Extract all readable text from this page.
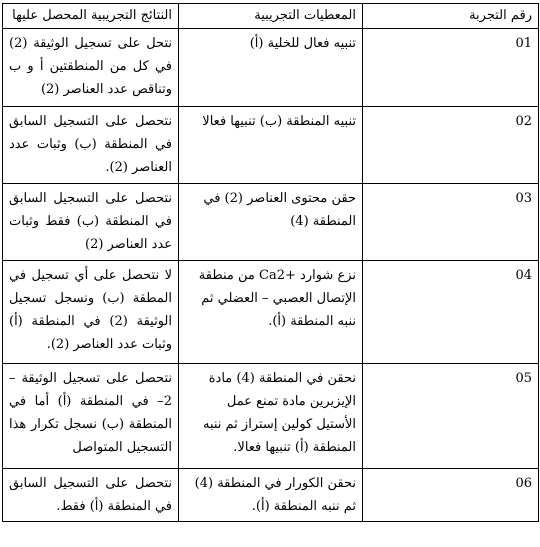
رقم التجربة	المعطيات التجريبية	النتائج التجريبية المحصل عليها
01	تنبيه فعال للخلية (أ)	نتحل على تسجيل الوثيقة (2) في كل من المنطقتين أ و ب وتناقص عدد العناصر (2)
02	تنبيه المنطقة (ب) تنبيها فعالا	نتحصل على التسجيل السابق في المنطقة (ب) وثبات عدد العناصر (2).
03	حقن محتوى العناصر (2) في المنطقة (4)	نتحصل على التسجيل السابق في المنطقة (ب) فقط وثبات عدد العناصر (2)
04	نزع شوارد +Ca2 من منطقة الإتصال العصبي – العضلي ثم ننبه المنطقة (أ).	لا نتحصل على أي تسجيل في المطقة (ب) ونسجل تسجيل الوثيقة (2) في المنطقة (أ) وثبات عدد العناصر (2).
05	نحقن في المنطقة (4) مادة الإيزيرين مادة تمنع عمل الأستيل كولين إستراز ثم ننبه المنطقة (أ) تنبيها فعالا.	نتحصل على تسجيل الوثيقة – 2– في المنطقة (أ) أما في المنطقة (ب) نسجل تكرار هذا التسجيل المتواصل
06	نحقن الكورار في المنطقة (4) ثم ننبه المنطقة (أ).	نتحصل على التسجيل السابق في المنطقة (أ) فقط.
